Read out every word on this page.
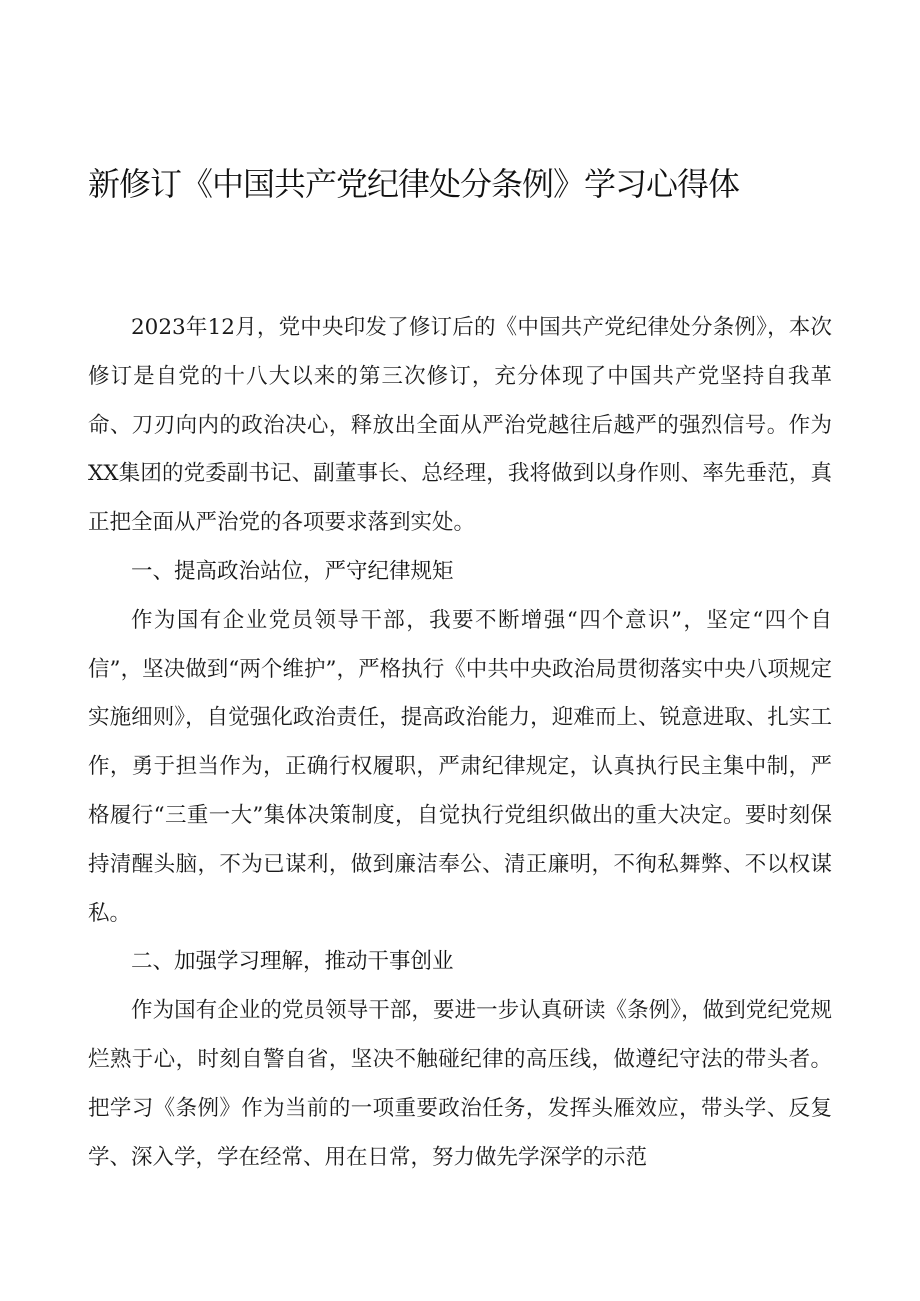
新修订《中国共产党纪律处分条例》学习心得体

2023年12月，党中央印发了修订后的《中国共产党纪律处分条例》，本次修订是自党的十八大以来的第三次修订，充分体现了中国共产党坚持自我革命、刀刃向内的政治决心，释放出全面从严治党越往后越严的强烈信号。作为XX集团的党委副书记、副董事长、总经理，我将做到以身作则、率先垂范，真正把全面从严治党的各项要求落到实处。

一、提高政治站位，严守纪律规矩

作为国有企业党员领导干部，我要不断增强“四个意识”，坚定“四个自信”，坚决做到“两个维护”，严格执行《中共中央政治局贯彻落实中央八项规定实施细则》，自觉强化政治责任，提高政治能力，迎难而上、锐意进取、扎实工作，勇于担当作为，正确行权履职，严肃纪律规定，认真执行民主集中制，严格履行“三重一大”集体决策制度，自觉执行党组织做出的重大决定。要时刻保持清醒头脑，不为已谋利，做到廉洁奉公、清正廉明，不徇私舞弊、不以权谋私。

二、加强学习理解，推动干事创业

作为国有企业的党员领导干部，要进一步认真研读《条例》，做到党纪党规烂熟于心，时刻自警自省，坚决不触碰纪律的高压线，做遵纪守法的带头者。把学习《条例》作为当前的一项重要政治任务，发挥头雁效应，带头学、反复学、深入学，学在经常、用在日常，努力做先学深学的示范
